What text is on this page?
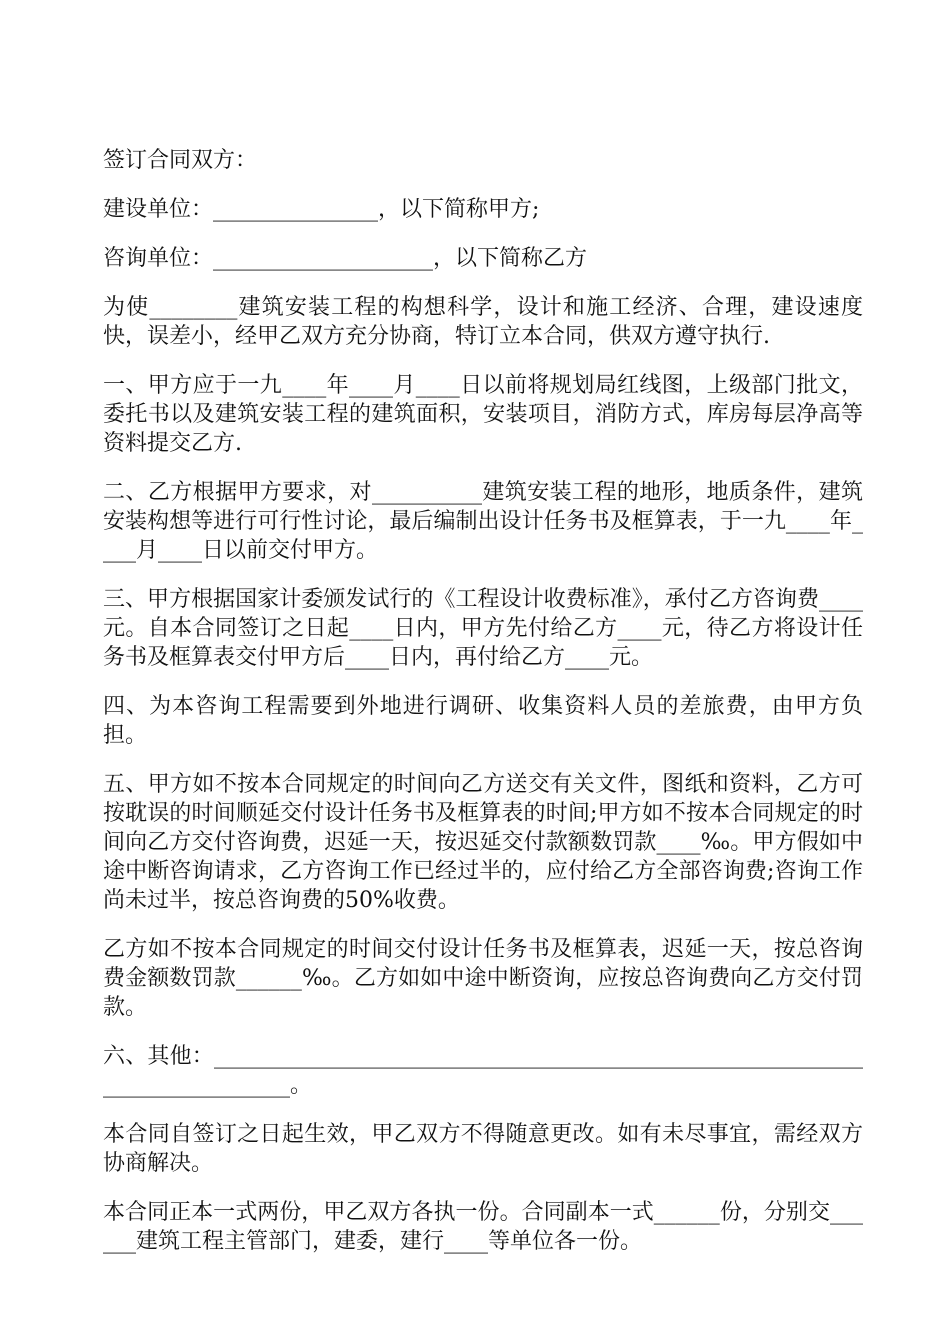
签订合同双方：

建设单位：_______________，以下简称甲方;

咨询单位：____________________，以下简称乙方

为使________建筑安装工程的构想科学，设计和施工经济、合理，建设速度快，误差小，经甲乙双方充分协商，特订立本合同，供双方遵守执行.

一、甲方应于一九____年____月____日以前将规划局红线图，上级部门批文，委托书以及建筑安装工程的建筑面积，安装项目，消防方式，库房每层净高等资料提交乙方.

二、乙方根据甲方要求，对__________建筑安装工程的地形，地质条件，建筑安装构想等进行可行性讨论，最后编制出设计任务书及框算表，于一九____年____月____日以前交付甲方。

三、甲方根据国家计委颁发试行的《工程设计收费标准》，承付乙方咨询费____元。自本合同签订之日起____日内，甲方先付给乙方____元，待乙方将设计任务书及框算表交付甲方后____日内，再付给乙方____元。

四、为本咨询工程需要到外地进行调研、收集资料人员的差旅费，由甲方负担。

五、甲方如不按本合同规定的时间向乙方送交有关文件，图纸和资料，乙方可按耽误的时间顺延交付设计任务书及框算表的时间;甲方如不按本合同规定的时间向乙方交付咨询费，迟延一天，按迟延交付款额数罚款____‰。甲方假如中途中断咨询请求，乙方咨询工作已经过半的，应付给乙方全部咨询费;咨询工作尚未过半，按总咨询费的50%收费。

乙方如不按本合同规定的时间交付设计任务书及框算表，迟延一天，按总咨询费金额数罚款______‰。乙方如如中途中断资询，应按总咨询费向乙方交付罚款。

六、其他：____________________________________________________________________________。

本合同自签订之日起生效，甲乙双方不得随意更改。如有未尽事宜，需经双方协商解决。

本合同正本一式两份，甲乙双方各执一份。合同副本一式______份，分别交______建筑工程主管部门，建委，建行____等单位各一份。
